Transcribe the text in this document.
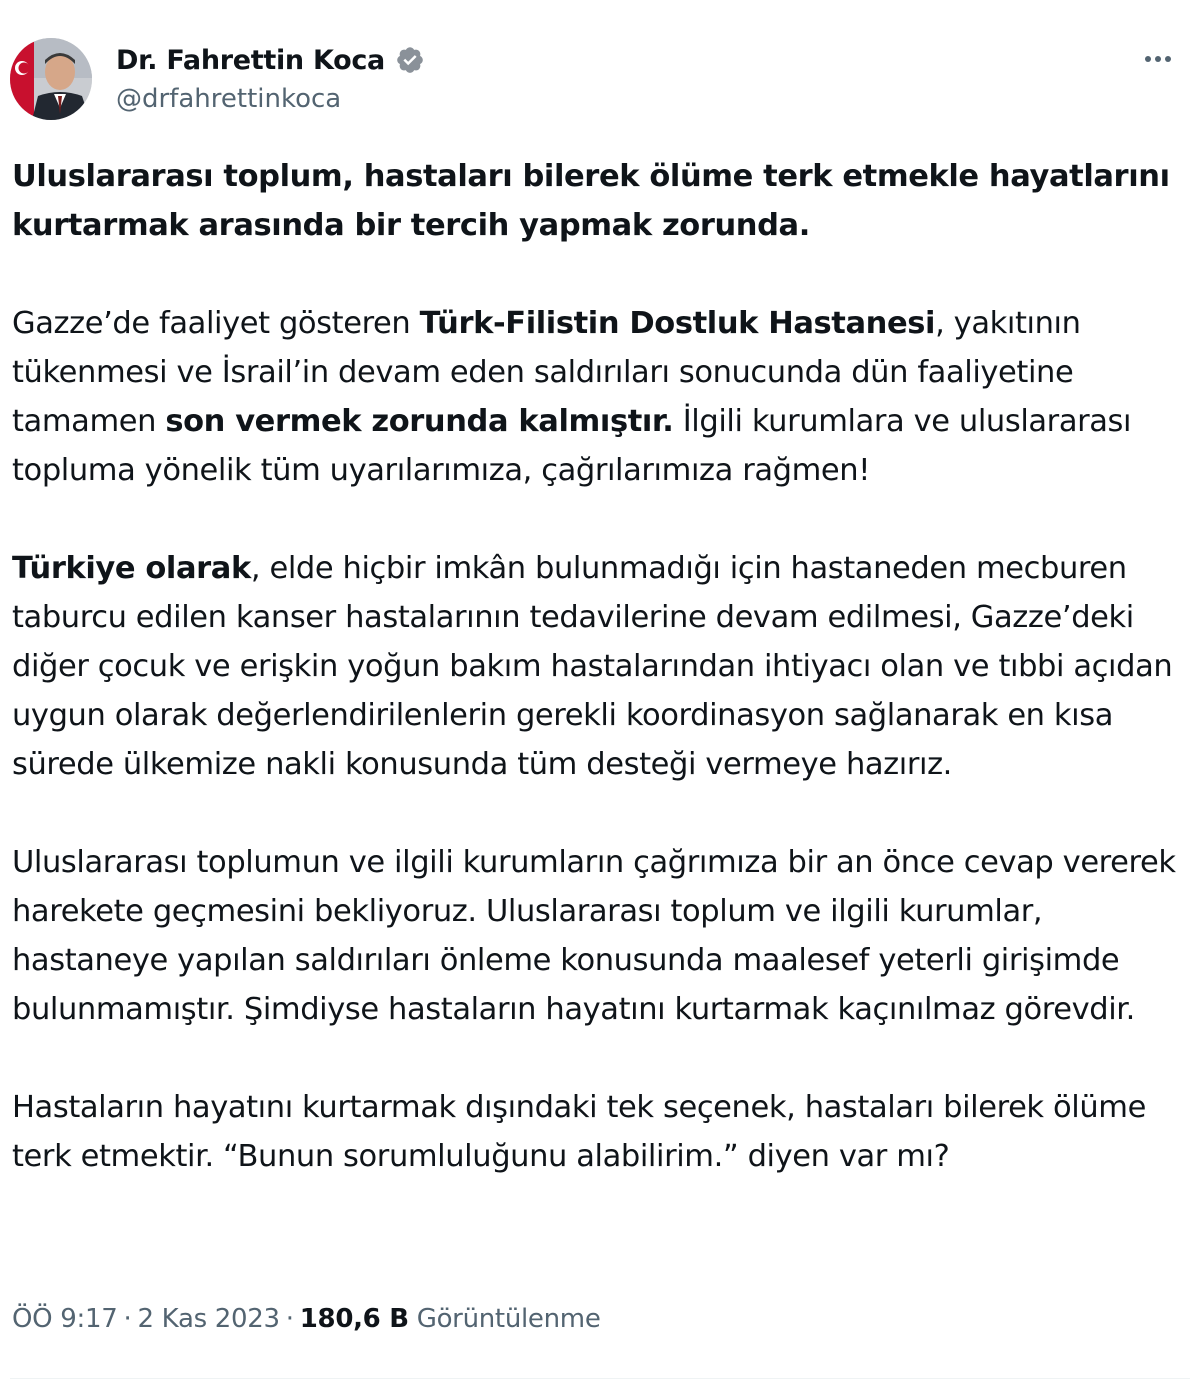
Dr. Fahrettin Koca
@drfahrettinkoca

Uluslararası toplum, hastaları bilerek ölüme terk etmekle hayatlarını kurtarmak arasında bir tercih yapmak zorunda.

Gazze’de faaliyet gösteren Türk-Filistin Dostluk Hastanesi, yakıtının tükenmesi ve İsrail’in devam eden saldırıları sonucunda dün faaliyetine tamamen son vermek zorunda kalmıştır. İlgili kurumlara ve uluslararası topluma yönelik tüm uyarılarımıza, çağrılarımıza rağmen!

Türkiye olarak, elde hiçbir imkân bulunmadığı için hastaneden mecburen taburcu edilen kanser hastalarının tedavilerine devam edilmesi, Gazze’deki diğer çocuk ve erişkin yoğun bakım hastalarından ihtiyacı olan ve tıbbi açıdan uygun olarak değerlendirilenlerin gerekli koordinasyon sağlanarak en kısa sürede ülkemize nakli konusunda tüm desteği vermeye hazırız.

Uluslararası toplumun ve ilgili kurumların çağrımıza bir an önce cevap vererek harekete geçmesini bekliyoruz. Uluslararası toplum ve ilgili kurumlar, hastaneye yapılan saldırıları önleme konusunda maalesef yeterli girişimde bulunmamıştır. Şimdiyse hastaların hayatını kurtarmak kaçınılmaz görevdir.

Hastaların hayatını kurtarmak dışındaki tek seçenek, hastaları bilerek ölüme terk etmektir. “Bunun sorumluluğunu alabilirim.” diyen var mı?

ÖÖ 9:17 · 2 Kas 2023 · 180,6 B Görüntülenme
